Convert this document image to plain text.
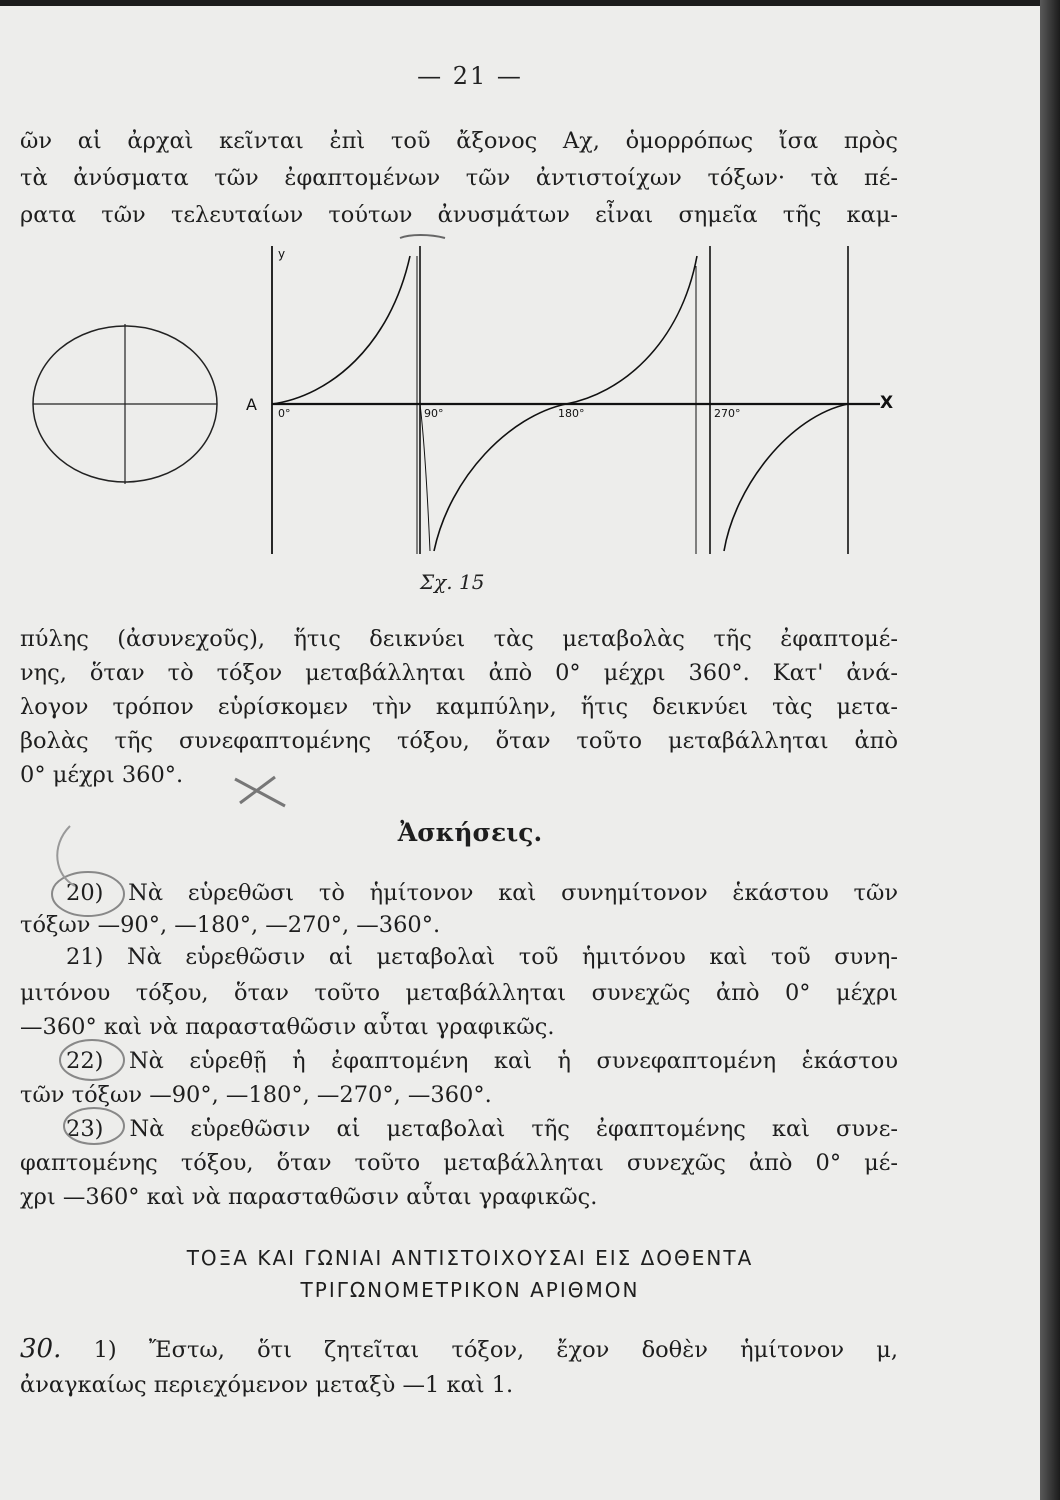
— 21 —

ῶν αἱ ἀρχαὶ κεῖνται ἐπὶ τοῦ ἄξονος Αχ, ὁμορρόπως ἴσα πρὸς

τὰ ἀνύσματα τῶν ἐφαπτομένων τῶν ἀντιστοίχων τόξων· τὰ πέ-

ρατα τῶν τελευταίων τούτων ἀνυσμάτων εἶναι σημεῖα τῆς καμ-

A	X
y
0°	90°	180°	270°
Σχ. 15

πύλης (ἀσυνεχοῦς), ἥτις δεικνύει τὰς μεταβολὰς τῆς ἐφαπτομέ-

νης, ὅταν τὸ τόξον μεταβάλληται ἀπὸ 0° μέχρι 360°. Κατ' ἀνά-

λογον τρόπον εὑρίσκομεν τὴν καμπύλην, ἥτις δεικνύει τὰς μετα-

βολὰς τῆς συνεφαπτομένης τόξου, ὅταν τοῦτο μεταβάλληται ἀπὸ

0° μέχρι 360°.

Ἀσκήσεις.

20) Νὰ εὑρεθῶσι τὸ ἡμίτονον καὶ συνημίτονον ἑκάστου τῶν

τόξων —90°, —180°, —270°, —360°.

21) Νὰ εὑρεθῶσιν αἱ μεταβολαὶ τοῦ ἡμιτόνου καὶ τοῦ συνη-

μιτόνου τόξου, ὅταν τοῦτο μεταβάλληται συνεχῶς ἀπὸ 0° μέχρι

—360° καὶ νὰ παρασταθῶσιν αὗται γραφικῶς.

22) Νὰ εὑρεθῇ ἡ ἐφαπτομένη καὶ ἡ συνεφαπτομένη ἑκάστου

τῶν τόξων —90°, —180°, —270°, —360°.

23) Νὰ εὑρεθῶσιν αἱ μεταβολαὶ τῆς ἐφαπτομένης καὶ συνε-

φαπτομένης τόξου, ὅταν τοῦτο μεταβάλληται συνεχῶς ἀπὸ 0° μέ-

χρι —360° καὶ νὰ παρασταθῶσιν αὗται γραφικῶς.

ΤΟΞΑ ΚΑΙ ΓΩΝΙΑΙ ΑΝΤΙΣΤΟΙΧΟΥΣΑΙ ΕΙΣ ΔΟΘΕΝΤΑ
ΤΡΙΓΩΝΟΜΕΤΡΙΚΟΝ ΑΡΙΘΜΟΝ

30. 1) Ἔστω, ὅτι ζητεῖται τόξον, ἔχον δοθὲν ἡμίτονον μ,

ἀναγκαίως περιεχόμενον μεταξὺ —1 καὶ 1.
